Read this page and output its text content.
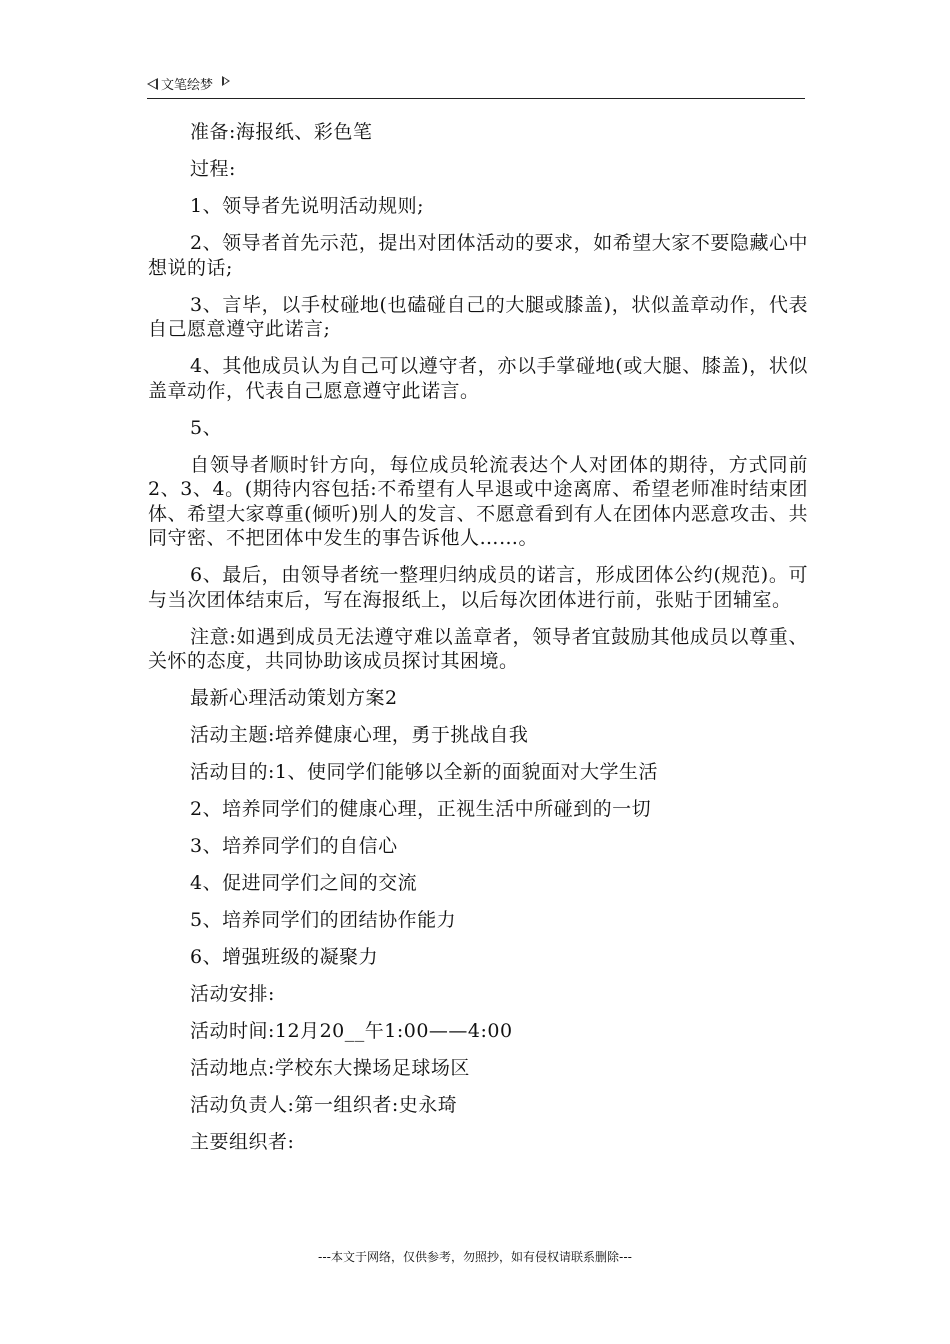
文笔绘梦

准备:海报纸、彩色笔

过程:

1、领导者先说明活动规则;

2、领导者首先示范，提出对团体活动的要求，如希望大家不要隐藏心中想说的话;

3、言毕，以手杖碰地(也磕碰自己的大腿或膝盖)，状似盖章动作，代表自己愿意遵守此诺言;

4、其他成员认为自己可以遵守者，亦以手掌碰地(或大腿、膝盖)，状似盖章动作，代表自己愿意遵守此诺言。

5、

自领导者顺时针方向，每位成员轮流表达个人对团体的期待，方式同前2、3、4。(期待内容包括:不希望有人早退或中途离席、希望老师准时结束团体、希望大家尊重(倾听)别人的发言、不愿意看到有人在团体内恶意攻击、共同守密、不把团体中发生的事告诉他人……。

6、最后，由领导者统一整理归纳成员的诺言，形成团体公约(规范)。可与当次团体结束后，写在海报纸上，以后每次团体进行前，张贴于团辅室。

注意:如遇到成员无法遵守难以盖章者，领导者宜鼓励其他成员以尊重、关怀的态度，共同协助该成员探讨其困境。

最新心理活动策划方案2

活动主题:培养健康心理，勇于挑战自我

活动目的:1、使同学们能够以全新的面貌面对大学生活

2、培养同学们的健康心理，正视生活中所碰到的一切

3、培养同学们的自信心

4、促进同学们之间的交流

5、培养同学们的团结协作能力

6、增强班级的凝聚力

活动安排:

活动时间:12月20__午1:00——4:00

活动地点:学校东大操场足球场区

活动负责人:第一组织者:史永琦

主要组织者:

---本文于网络，仅供参考，勿照抄，如有侵权请联系删除---
